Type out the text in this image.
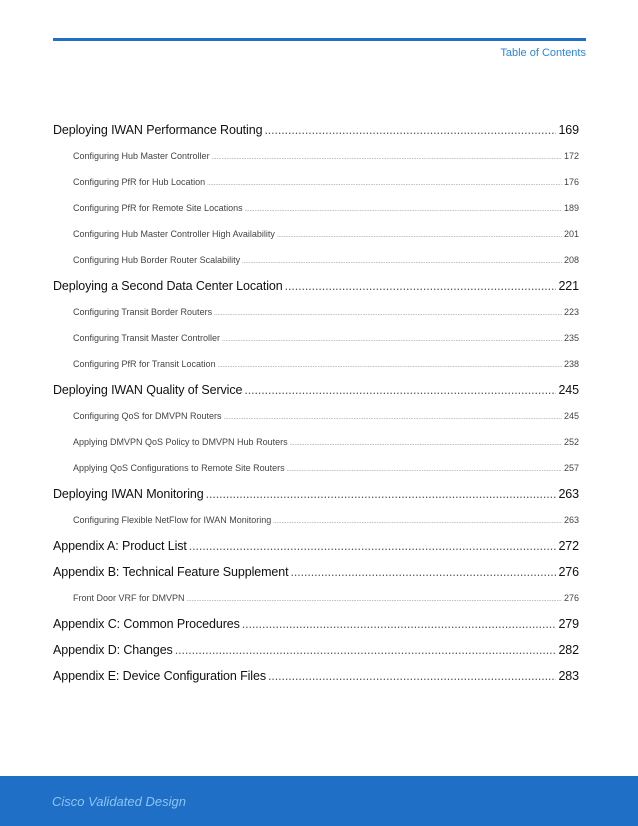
Table of Contents
Deploying IWAN Performance Routing .....	169
Configuring Hub Master Controller .....	172
Configuring PfR for Hub Location .....	176
Configuring PfR for Remote Site Locations .....	189
Configuring Hub Master Controller High Availability .....	201
Configuring Hub Border Router Scalability .....	208
Deploying a Second Data Center Location .....	221
Configuring Transit Border Routers .....	223
Configuring Transit Master Controller .....	235
Configuring PfR for Transit Location .....	238
Deploying IWAN Quality of Service .....	245
Configuring QoS for DMVPN Routers .....	245
Applying DMVPN QoS Policy to DMVPN Hub Routers .....	252
Applying QoS Configurations to Remote Site Routers .....	257
Deploying IWAN Monitoring .....	263
Configuring Flexible NetFlow for IWAN Monitoring .....	263
Appendix A: Product List .....	272
Appendix B: Technical Feature Supplement .....	276
Front Door VRF for DMVPN .....	276
Appendix C: Common Procedures .....	279
Appendix D: Changes .....	282
Appendix E: Device Configuration Files .....	283
Cisco Validated Design
